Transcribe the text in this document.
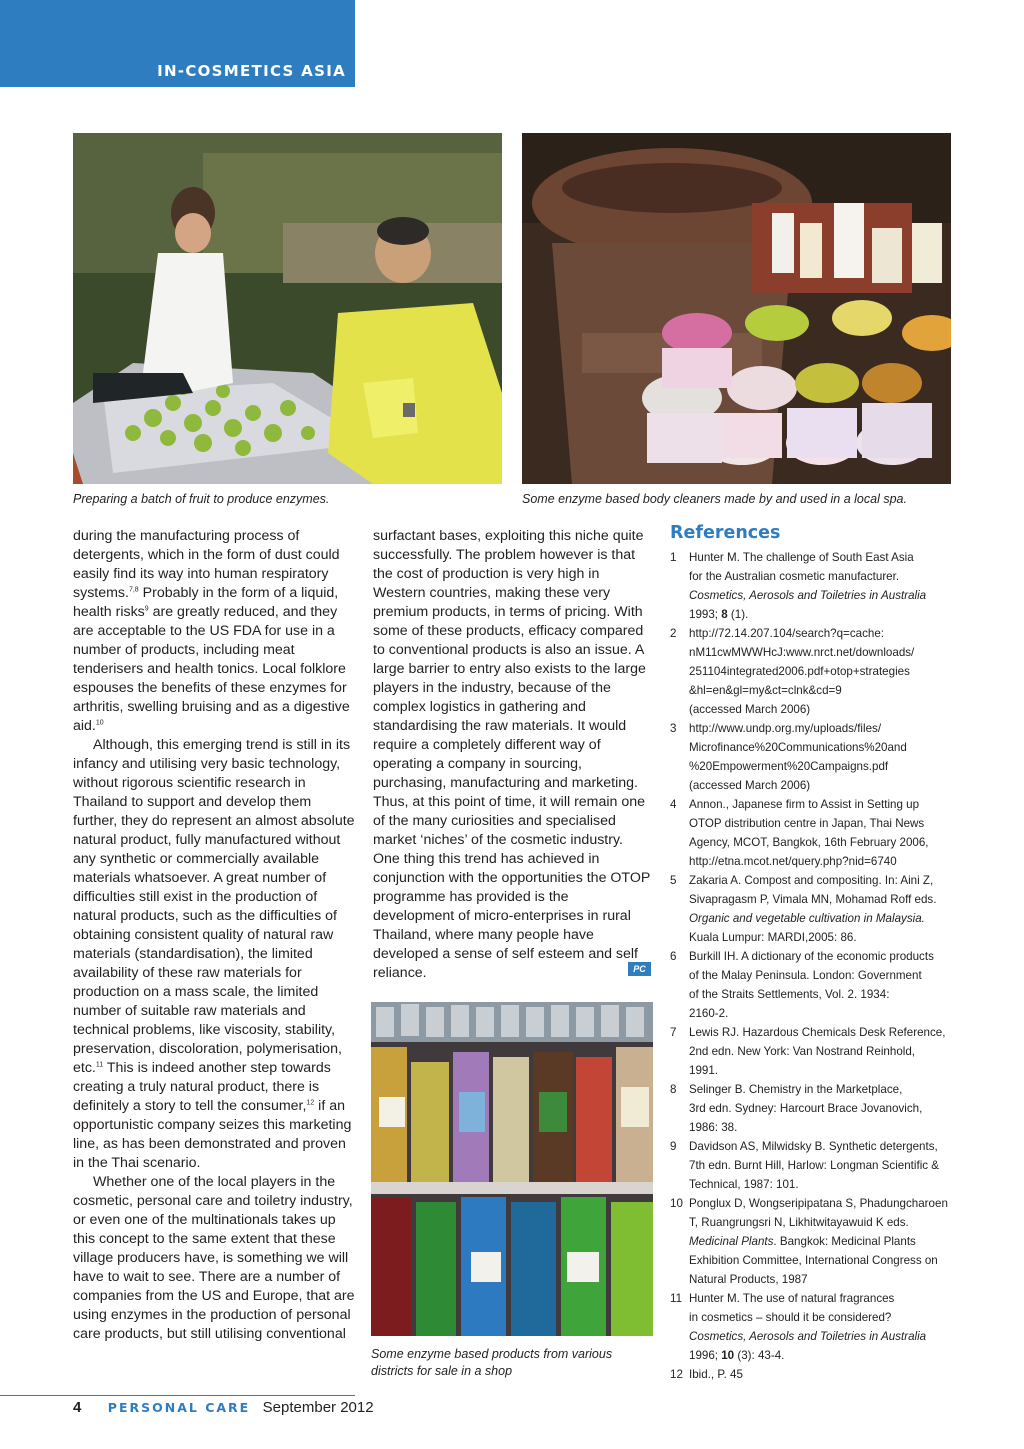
IN-COSMETICS ASIA
Preparing a batch of fruit to produce enzymes.	Some enzyme based body cleaners made by and used in a local spa.

during the manufacturing process of detergents, which in the form of dust could easily find its way into human respiratory systems.$^{7,8}$ Probably in the form of a liquid, health risks$^9$ are greatly reduced, and they are acceptable to the US FDA for use in a number of products, including meat tenderisers and health tonics. Local folklore espouses the benefits of these enzymes for arthritis, swelling bruising and as a digestive aid.$^{10}$

Although, this emerging trend is still in its infancy and utilising very basic technology, without rigorous scientific research in Thailand to support and develop them further, they do represent an almost absolute natural product, fully manufactured without any synthetic or commercially available materials whatsoever. A great number of difficulties still exist in the production of natural products, such as the difficulties of obtaining consistent quality of natural raw materials (standardisation), the limited availability of these raw materials for production on a mass scale, the limited number of suitable raw materials and technical problems, like viscosity, stability, preservation, discoloration, polymerisation, etc.$^{11}$ This is indeed another step towards creating a truly natural product, there is definitely a story to tell the consumer,$^{12}$ if an opportunistic company seizes this marketing line, as has been demonstrated and proven in the Thai scenario.

Whether one of the local players in the cosmetic, personal care and toiletry industry, or even one of the multinationals takes up this concept to the same extent that these village producers have, is something we will have to wait to see. There are a number of companies from the US and Europe, that are using enzymes in the production of personal care products, but still utilising conventional

surfactant bases, exploiting this niche quite successfully. The problem however is that the cost of production is very high in Western countries, making these very premium products, in terms of pricing. With some of these products, efficacy compared to conventional products is also an issue. A large barrier to entry also exists to the large players in the industry, because of the complex logistics in gathering and standardising the raw materials. It would require a completely different way of operating a company in sourcing, purchasing, manufacturing and marketing. Thus, at this point of time, it will remain one of the many curiosities and specialised market ‘niches’ of the cosmetic industry. One thing this trend has achieved in conjunction with the opportunities the OTOP programme has provided is the development of micro-enterprises in rural Thailand, where many people have developed a sense of self esteem and self reliance.	PC
Some enzyme based products from various
districts for sale in a shop
References
1 Hunter M. The challenge of South East Asia
for the Australian cosmetic manufacturer.
Cosmetics, Aerosols and Toiletries in Australia
1993; 8 (1).
2 http://72.14.207.104/search?q=cache:
nM11cwMWWHcJ:www.nrct.net/downloads/
251104integrated2006.pdf+otop+strategies
&hl=en&gl=my&ct=clnk&cd=9
(accessed March 2006)
3 http://www.undp.org.my/uploads/files/
Microfinance%20Communications%20and
%20Empowerment%20Campaigns.pdf
(accessed March 2006)
4 Annon., Japanese firm to Assist in Setting up
OTOP distribution centre in Japan, Thai News
Agency, MCOT, Bangkok, 16th February 2006,
http://etna.mcot.net/query.php?nid=6740
5 Zakaria A. Compost and compositing. In: Aini Z,
Sivapragasm P, Vimala MN, Mohamad Roff eds.
Organic and vegetable cultivation in Malaysia.
Kuala Lumpur: MARDI,2005: 86.
6 Burkill IH. A dictionary of the economic products
of the Malay Peninsula. London: Government
of the Straits Settlements, Vol. 2. 1934:
2160-2.
7 Lewis RJ. Hazardous Chemicals Desk Reference,
2nd edn. New York: Van Nostrand Reinhold,
1991.
8 Selinger B. Chemistry in the Marketplace,
3rd edn. Sydney: Harcourt Brace Jovanovich,
1986: 38.
9 Davidson AS, Milwidsky B. Synthetic detergents,
7th edn. Burnt Hill, Harlow: Longman Scientific &
Technical, 1987: 101.
10 Ponglux D, Wongseripipatana S, Phadungcharoen
T, Ruangrungsri N, Likhitwitayawuid K eds.
Medicinal Plants. Bangkok: Medicinal Plants
Exhibition Committee, International Congress on
Natural Products, 1987
11 Hunter M. The use of natural fragrances
in cosmetics – should it be considered?
Cosmetics, Aerosols and Toiletries in Australia
1996; 10 (3): 43-4.
12 Ibid., P. 45
4 PERSONAL CARE September 2012
